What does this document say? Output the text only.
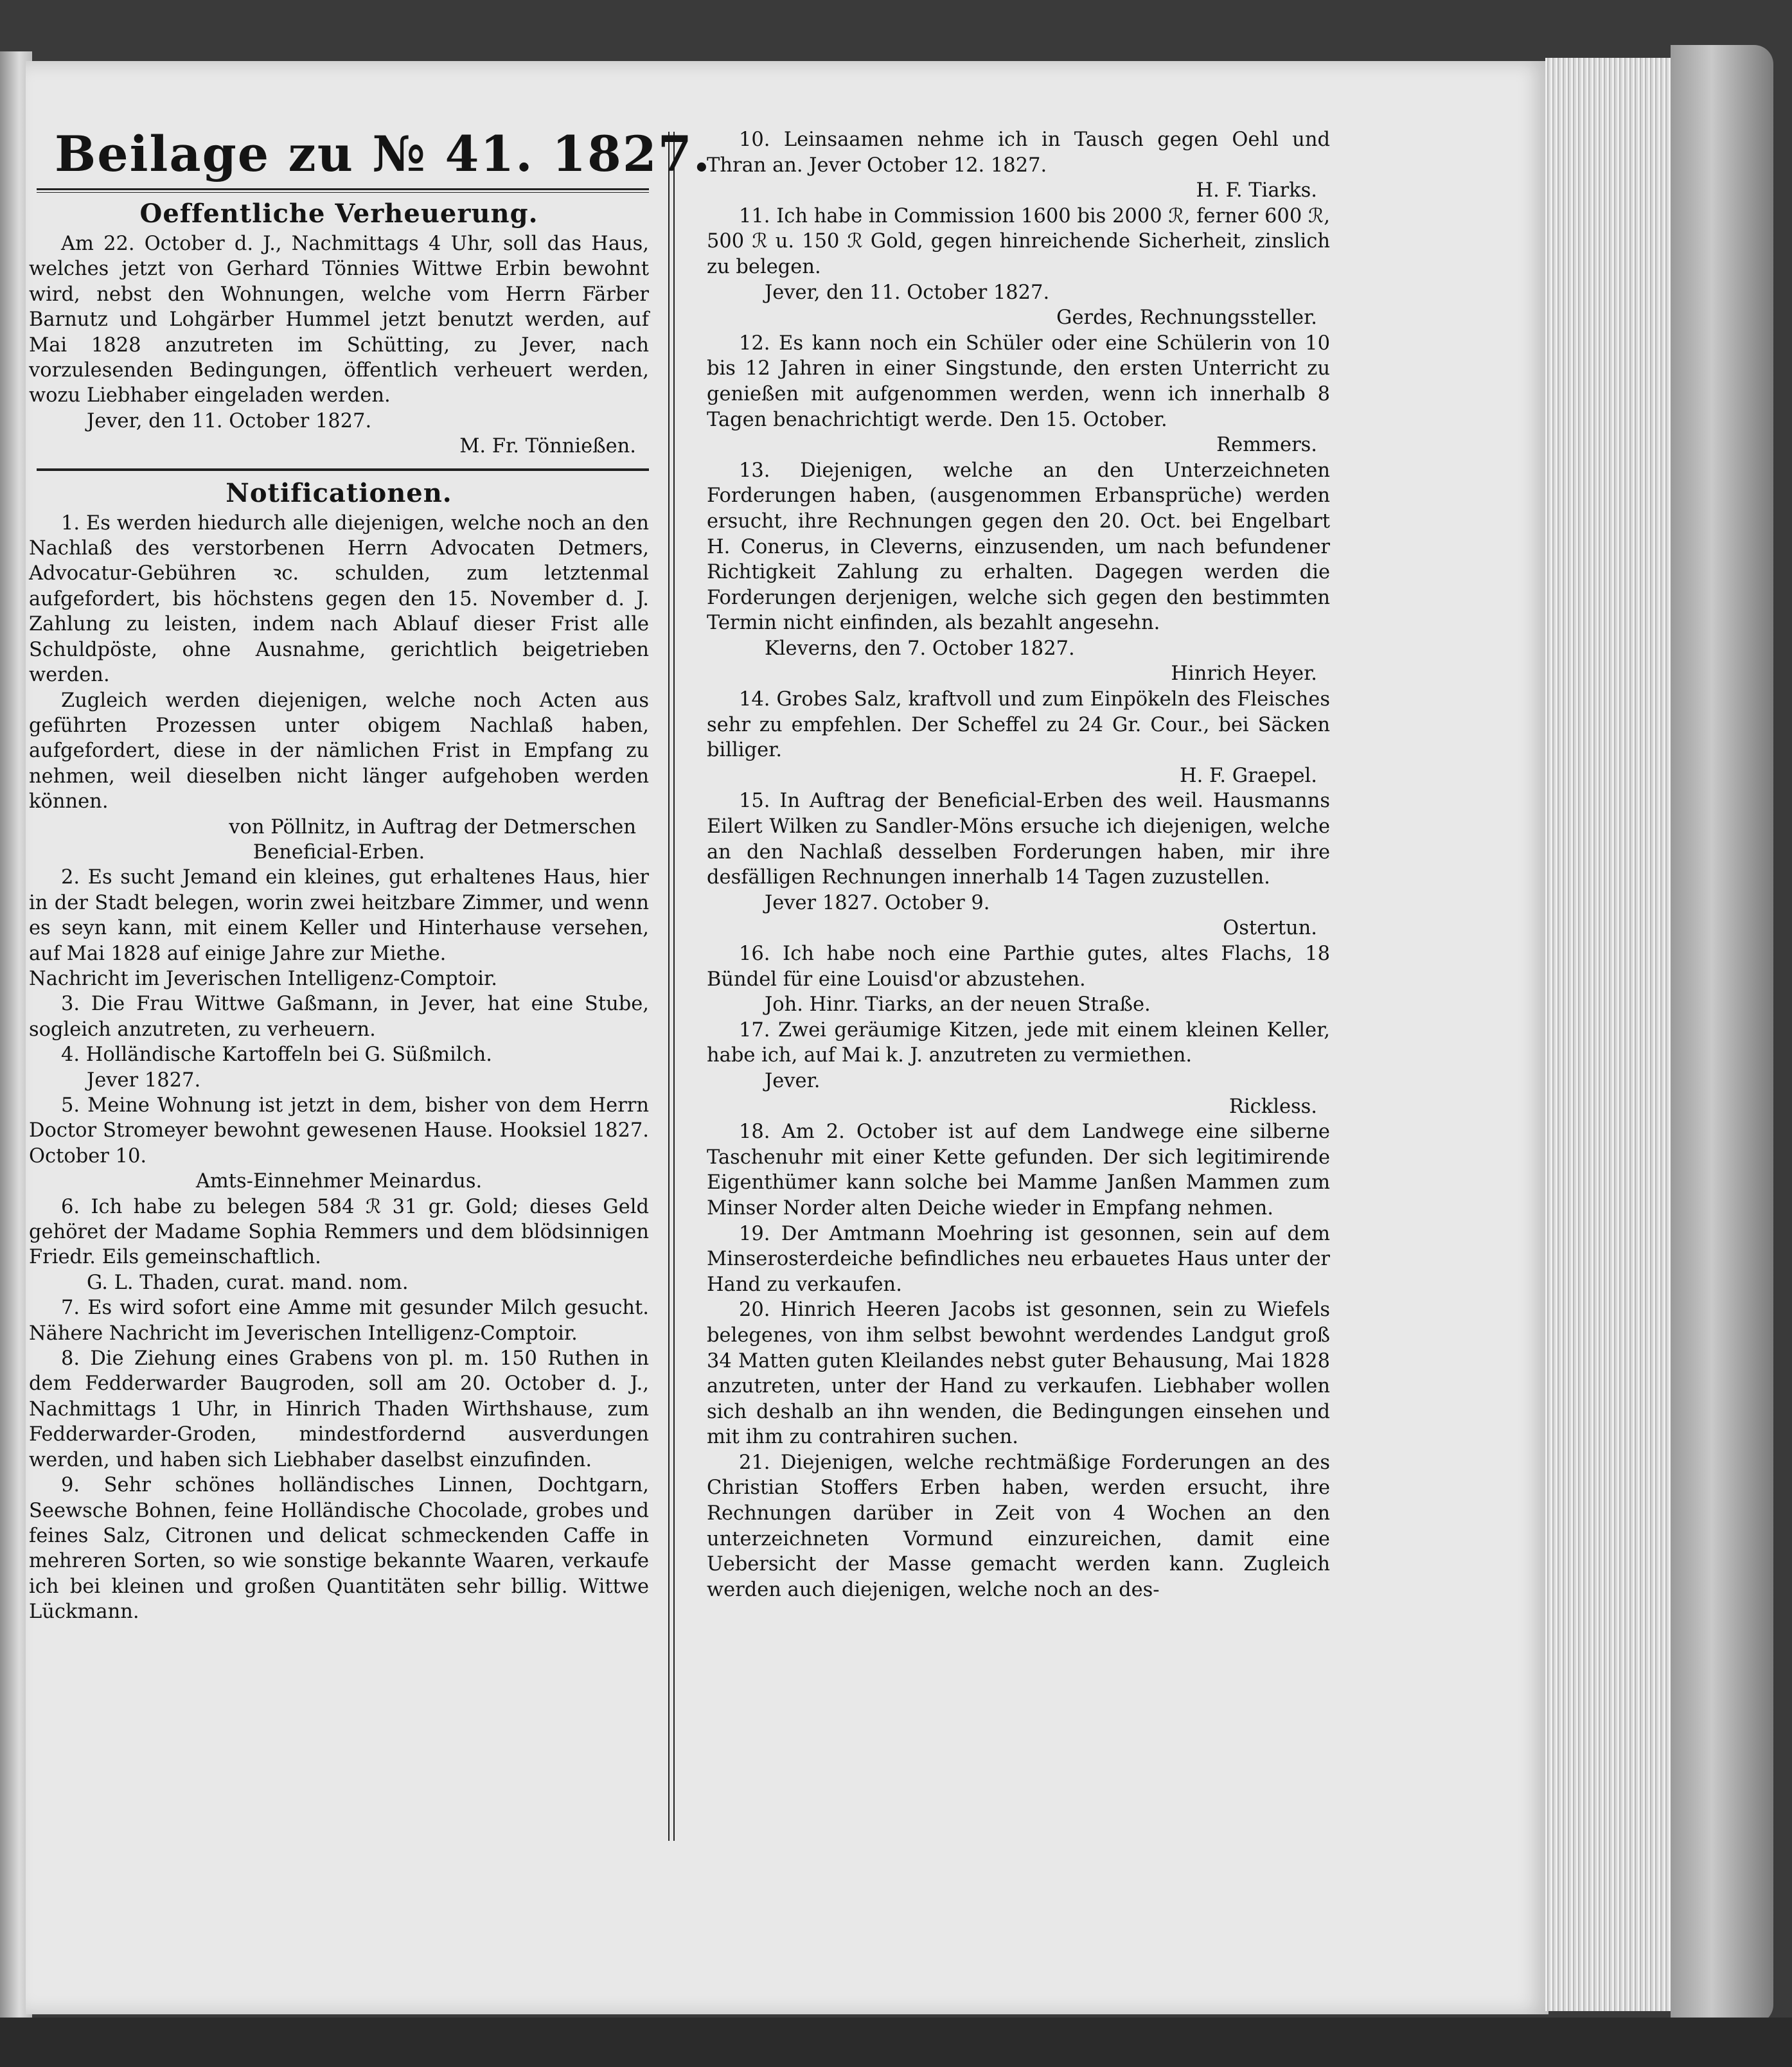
Beilage zu № 41. 1827.
Oeffentliche Verheuerung.

Am 22. October d. J., Nachmittags 4 Uhr, soll das Haus, welches jetzt von Gerhard Tönnies Wittwe Erbin bewohnt wird, nebst den Wohnungen, welche vom Herrn Färber Barnutz und Lohgärber Hummel jetzt benutzt werden, auf Mai 1828 anzutreten im Schütting, zu Jever, nach vorzulesenden Bedingungen, öffentlich verheuert werden, wozu Liebhaber eingeladen werden.

Jever, den 11. October 1827.
M. Fr. Tönnießen.
Notificationen.

1. Es werden hiedurch alle diejenigen, welche noch an den Nachlaß des verstorbenen Herrn Advocaten Detmers, Advocatur-Gebühren ꝛc. schulden, zum letztenmal aufgefordert, bis höchstens gegen den 15. November d. J. Zahlung zu leisten, indem nach Ablauf dieser Frist alle Schuldpöste, ohne Ausnahme, gerichtlich beigetrieben werden.

Zugleich werden diejenigen, welche noch Acten aus geführten Prozessen unter obigem Nachlaß haben, aufgefordert, diese in der nämlichen Frist in Empfang zu nehmen, weil dieselben nicht länger aufgehoben werden können.

von Pöllnitz, in Auftrag der Detmerschen
Beneficial-Erben.

2. Es sucht Jemand ein kleines, gut erhaltenes Haus, hier in der Stadt belegen, worin zwei heitzbare Zimmer, und wenn es seyn kann, mit einem Keller und Hinterhause versehen, auf Mai 1828 auf einige Jahre zur Miethe.

Nachricht im Jeverischen Intelligenz-Comptoir.

3. Die Frau Wittwe Gaßmann, in Jever, hat eine Stube, sogleich anzutreten, zu verheuern.

4. Holländische Kartoffeln bei G. Süßmilch.

Jever 1827.

5. Meine Wohnung ist jetzt in dem, bisher von dem Herrn Doctor Stromeyer bewohnt gewesenen Hause. Hooksiel 1827. October 10.

Amts-Einnehmer Meinardus.

6. Ich habe zu belegen 584 ℛ 31 gr. Gold; dieses Geld gehöret der Madame Sophia Remmers und dem blödsinnigen Friedr. Eils gemeinschaftlich.

G. L. Thaden, curat. mand. nom.

7. Es wird sofort eine Amme mit gesunder Milch gesucht. Nähere Nachricht im Jeverischen Intelligenz-Comptoir.

8. Die Ziehung eines Grabens von pl. m. 150 Ruthen in dem Fedderwarder Baugroden, soll am 20. October d. J., Nachmittags 1 Uhr, in Hinrich Thaden Wirthshause, zum Fedderwarder-Groden, mindestfordernd ausverdungen werden, und haben sich Liebhaber daselbst einzufinden.

9. Sehr schönes holländisches Linnen, Dochtgarn, Seewsche Bohnen, feine Holländische Chocolade, grobes und feines Salz, Citronen und delicat schmeckenden Caffe in mehreren Sorten, so wie sonstige bekannte Waaren, verkaufe ich bei kleinen und großen Quantitäten sehr billig. Wittwe Lückmann.

10. Leinsaamen nehme ich in Tausch gegen Oehl und Thran an. Jever October 12. 1827.

H. F. Tiarks.

11. Ich habe in Commission 1600 bis 2000 ℛ, ferner 600 ℛ, 500 ℛ u. 150 ℛ Gold, gegen hinreichende Sicherheit, zinslich zu belegen.

Jever, den 11. October 1827.
Gerdes, Rechnungssteller.

12. Es kann noch ein Schüler oder eine Schülerin von 10 bis 12 Jahren in einer Singstunde, den ersten Unterricht zu genießen mit aufgenommen werden, wenn ich innerhalb 8 Tagen benachrichtigt werde. Den 15. October.

Remmers.

13. Diejenigen, welche an den Unterzeichneten Forderungen haben, (ausgenommen Erbansprüche) werden ersucht, ihre Rechnungen gegen den 20. Oct. bei Engelbart H. Conerus, in Cleverns, einzusenden, um nach befundener Richtigkeit Zahlung zu erhalten. Dagegen werden die Forderungen derjenigen, welche sich gegen den bestimmten Termin nicht einfinden, als bezahlt angesehn.

Kleverns, den 7. October 1827.
Hinrich Heyer.

14. Grobes Salz, kraftvoll und zum Einpökeln des Fleisches sehr zu empfehlen. Der Scheffel zu 24 Gr. Cour., bei Säcken billiger.

H. F. Graepel.

15. In Auftrag der Beneficial-Erben des weil. Hausmanns Eilert Wilken zu Sandler-Möns ersuche ich diejenigen, welche an den Nachlaß desselben Forderungen haben, mir ihre desfälligen Rechnungen innerhalb 14 Tagen zuzustellen.

Jever 1827. October 9.
Ostertun.

16. Ich habe noch eine Parthie gutes, altes Flachs, 18 Bündel für eine Louisd'or abzustehen.

Joh. Hinr. Tiarks, an der neuen Straße.

17. Zwei geräumige Kitzen, jede mit einem kleinen Keller, habe ich, auf Mai k. J. anzutreten zu vermiethen.

Jever.
Rickless.

18. Am 2. October ist auf dem Landwege eine silberne Taschenuhr mit einer Kette gefunden. Der sich legitimirende Eigenthümer kann solche bei Mamme Janßen Mammen zum Minser Norder alten Deiche wieder in Empfang nehmen.

19. Der Amtmann Moehring ist gesonnen, sein auf dem Minserosterdeiche befindliches neu erbauetes Haus unter der Hand zu verkaufen.

20. Hinrich Heeren Jacobs ist gesonnen, sein zu Wiefels belegenes, von ihm selbst bewohnt werdendes Landgut groß 34 Matten guten Kleilandes nebst guter Behausung, Mai 1828 anzutreten, unter der Hand zu verkaufen. Liebhaber wollen sich deshalb an ihn wenden, die Bedingungen einsehen und mit ihm zu contrahiren suchen.

21. Diejenigen, welche rechtmäßige Forderungen an des Christian Stoffers Erben haben, werden ersucht, ihre Rechnungen darüber in Zeit von 4 Wochen an den unterzeichneten Vormund einzureichen, damit eine Uebersicht der Masse gemacht werden kann. Zugleich werden auch diejenigen, welche noch an des-
